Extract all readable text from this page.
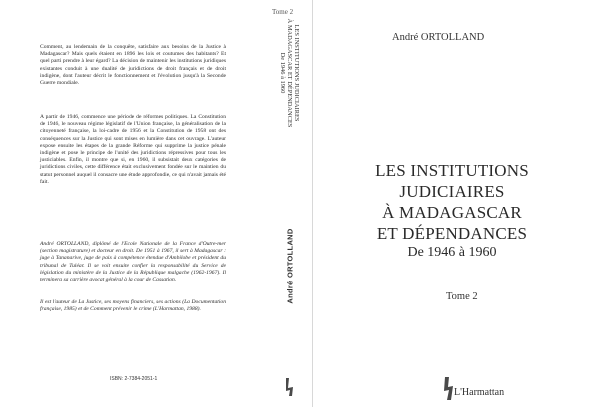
Comment, au lendemain de la conquête, satisfaire aux besoins de la Justice à Madagascar? Mais quels étaient en 1896 les lois et coutumes des habitants? Et quel parti prendre à leur égard? La décision de maintenir les institutions juridiques existantes conduit à une dualité de juridictions de droit français et de droit indigène, dont l'auteur décrit le fonctionnement et l'évolution jusqu'à la Seconde Guerre mondiale.

A partir de 1946, commence une période de réformes politiques. La Constitution de 1946, le nouveau régime législatif de l'Union française, la généralisation de la citoyenneté française, la loi-cadre de 1956 et la Constitution de 1958 ont des conséquences sur la Justice qui sont mises en lumière dans cet ouvrage. L'auteur expose ensuite les étapes de la grande Réforme qui supprime la justice pénale indigène et pose le principe de l'unité des juridictions répressives pour tous les justiciables. Enfin, il montre que si, en 1960, il subsistait deux catégories de juridictions civiles, cette différence était exclusivement fondée sur le maintien du statut personnel auquel il consacre une étude approfondie, ce qui n'avait jamais été fait.

André ORTOLLAND, diplômé de l'Ecole Nationale de la France d'Outre-mer (section magistrature) et docteur en droit. De 1951 à 1967, il sert à Madagascar : juge à Tananarive, juge de paix à compétence étendue d'Ambilobe et président du tribunal de Tuléar. Il se voit ensuite confier la responsabilité du Service de législation du ministère de la Justice de la République malgache (1962-1967). Il terminera sa carrière avocat général à la cour de Cassation.

Il est l'auteur de La Justice, ses moyens financiers, ses actions (La Documentation française, 1985) et de Comment prévenir le crime (L'Harmattan, 1988).

ISBN: 2-7384-2051-1
Tome 2
LES INSTITUTIONS JUDICIAIRES
À MADAGASCAR ET DÉPENDANCES
De 1946 à 1960
André ORTOLLAND
André ORTOLLAND
LES INSTITUTIONS
JUDICIAIRES
À MADAGASCAR
ET DÉPENDANCES
De 1946 à 1960
Tome 2
L'Harmattan
